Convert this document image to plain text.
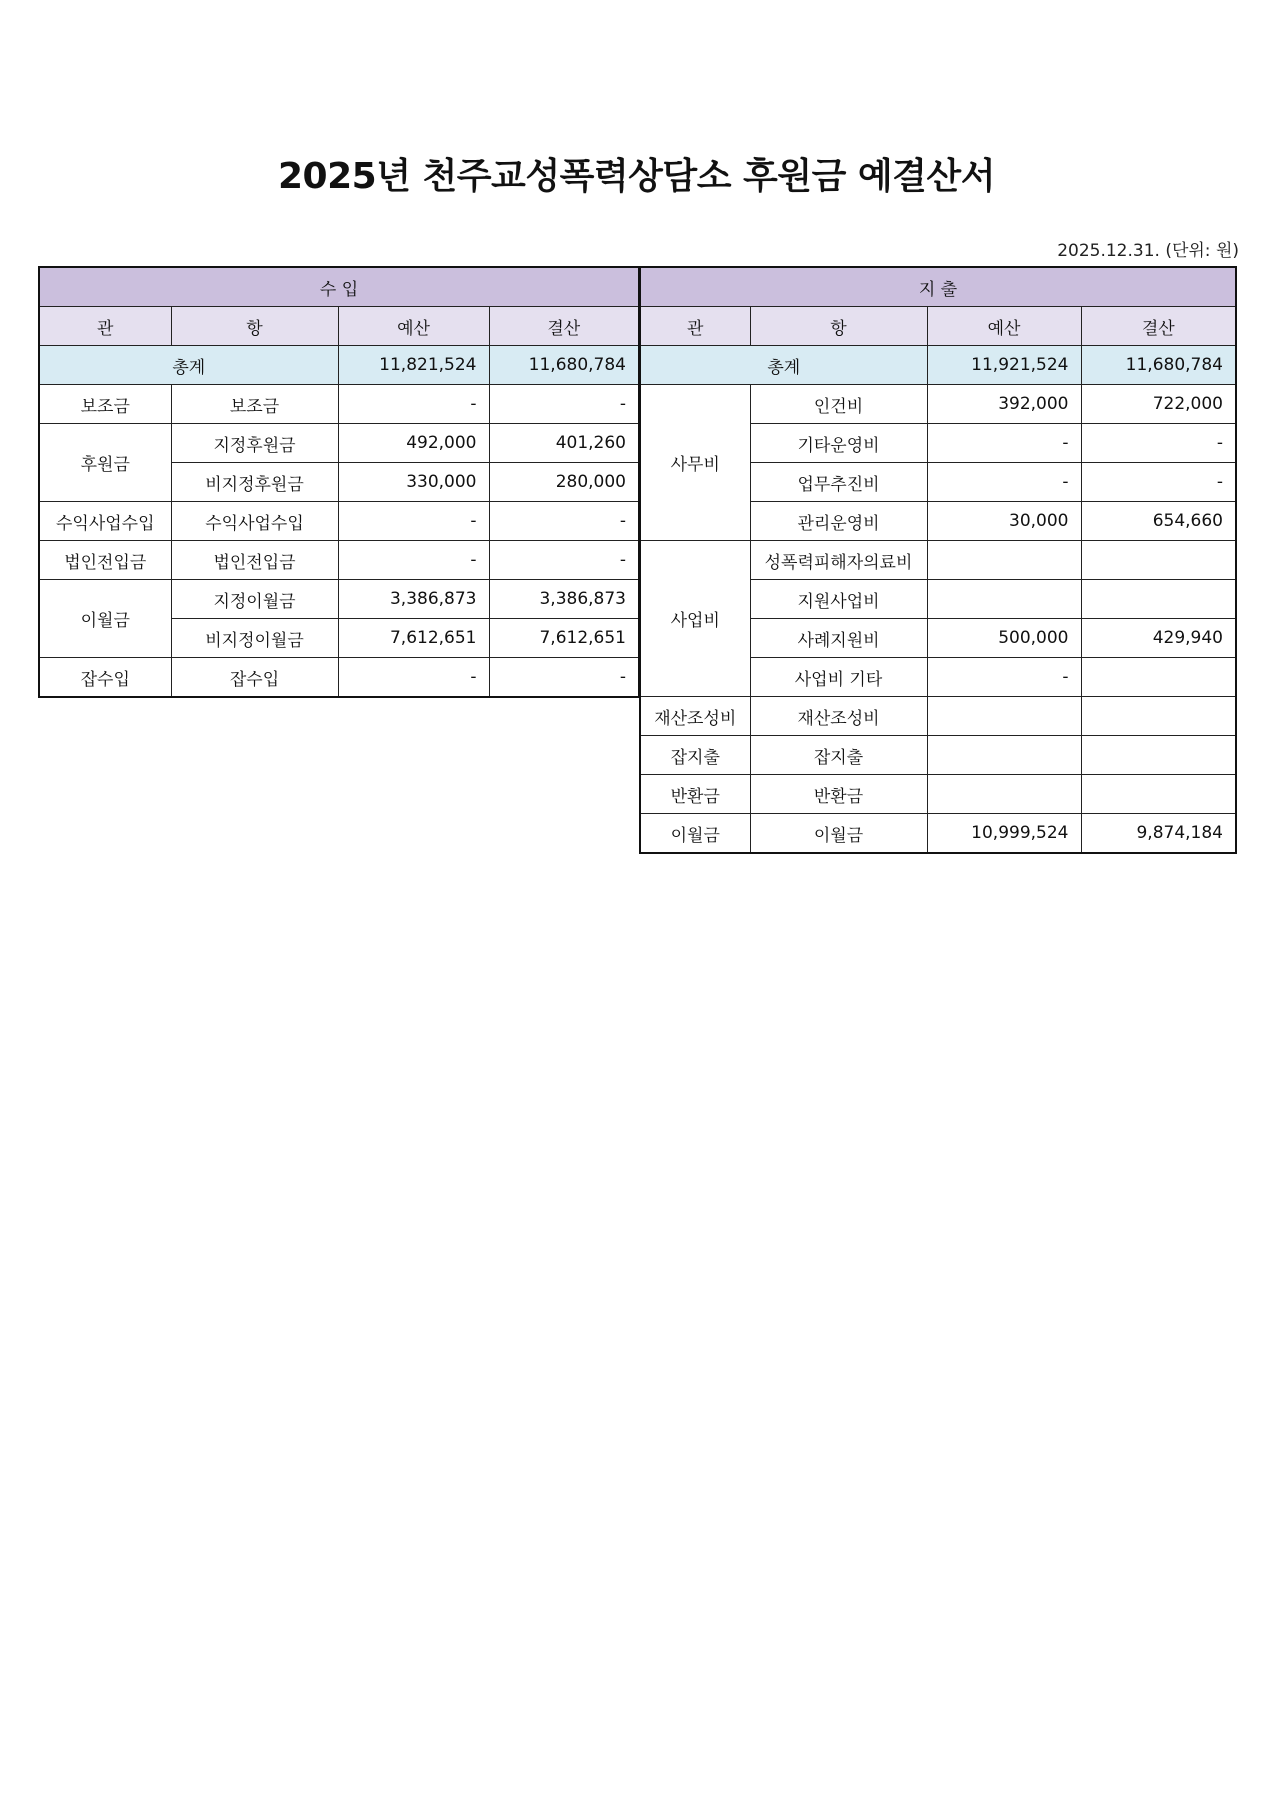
2025년 천주교성폭력상담소 후원금 예결산서
2025.12.31. (단위: 원)
수 입			
관	항	예산	결산
총계		11,821,524	11,680,784
보조금	보조금	-	-
후원금	지정후원금	492,000	401,260
	비지정후원금	330,000	280,000
수익사업수입	수익사업수입	-	-
법인전입금	법인전입금	-	-
이월금	지정이월금	3,386,873	3,386,873
	비지정이월금	7,612,651	7,612,651
잡수입	잡수입	-	-
지 출			
관	항	예산	결산
총계		11,921,524	11,680,784
사무비	인건비	392,000	722,000
	기타운영비	-	-
	업무추진비	-	-
	관리운영비	30,000	654,660
사업비	성폭력피해자의료비		
	지원사업비		
	사례지원비	500,000	429,940
	사업비 기타	-	
재산조성비	재산조성비		
잡지출	잡지출		
반환금	반환금		
이월금	이월금	10,999,524	9,874,184
